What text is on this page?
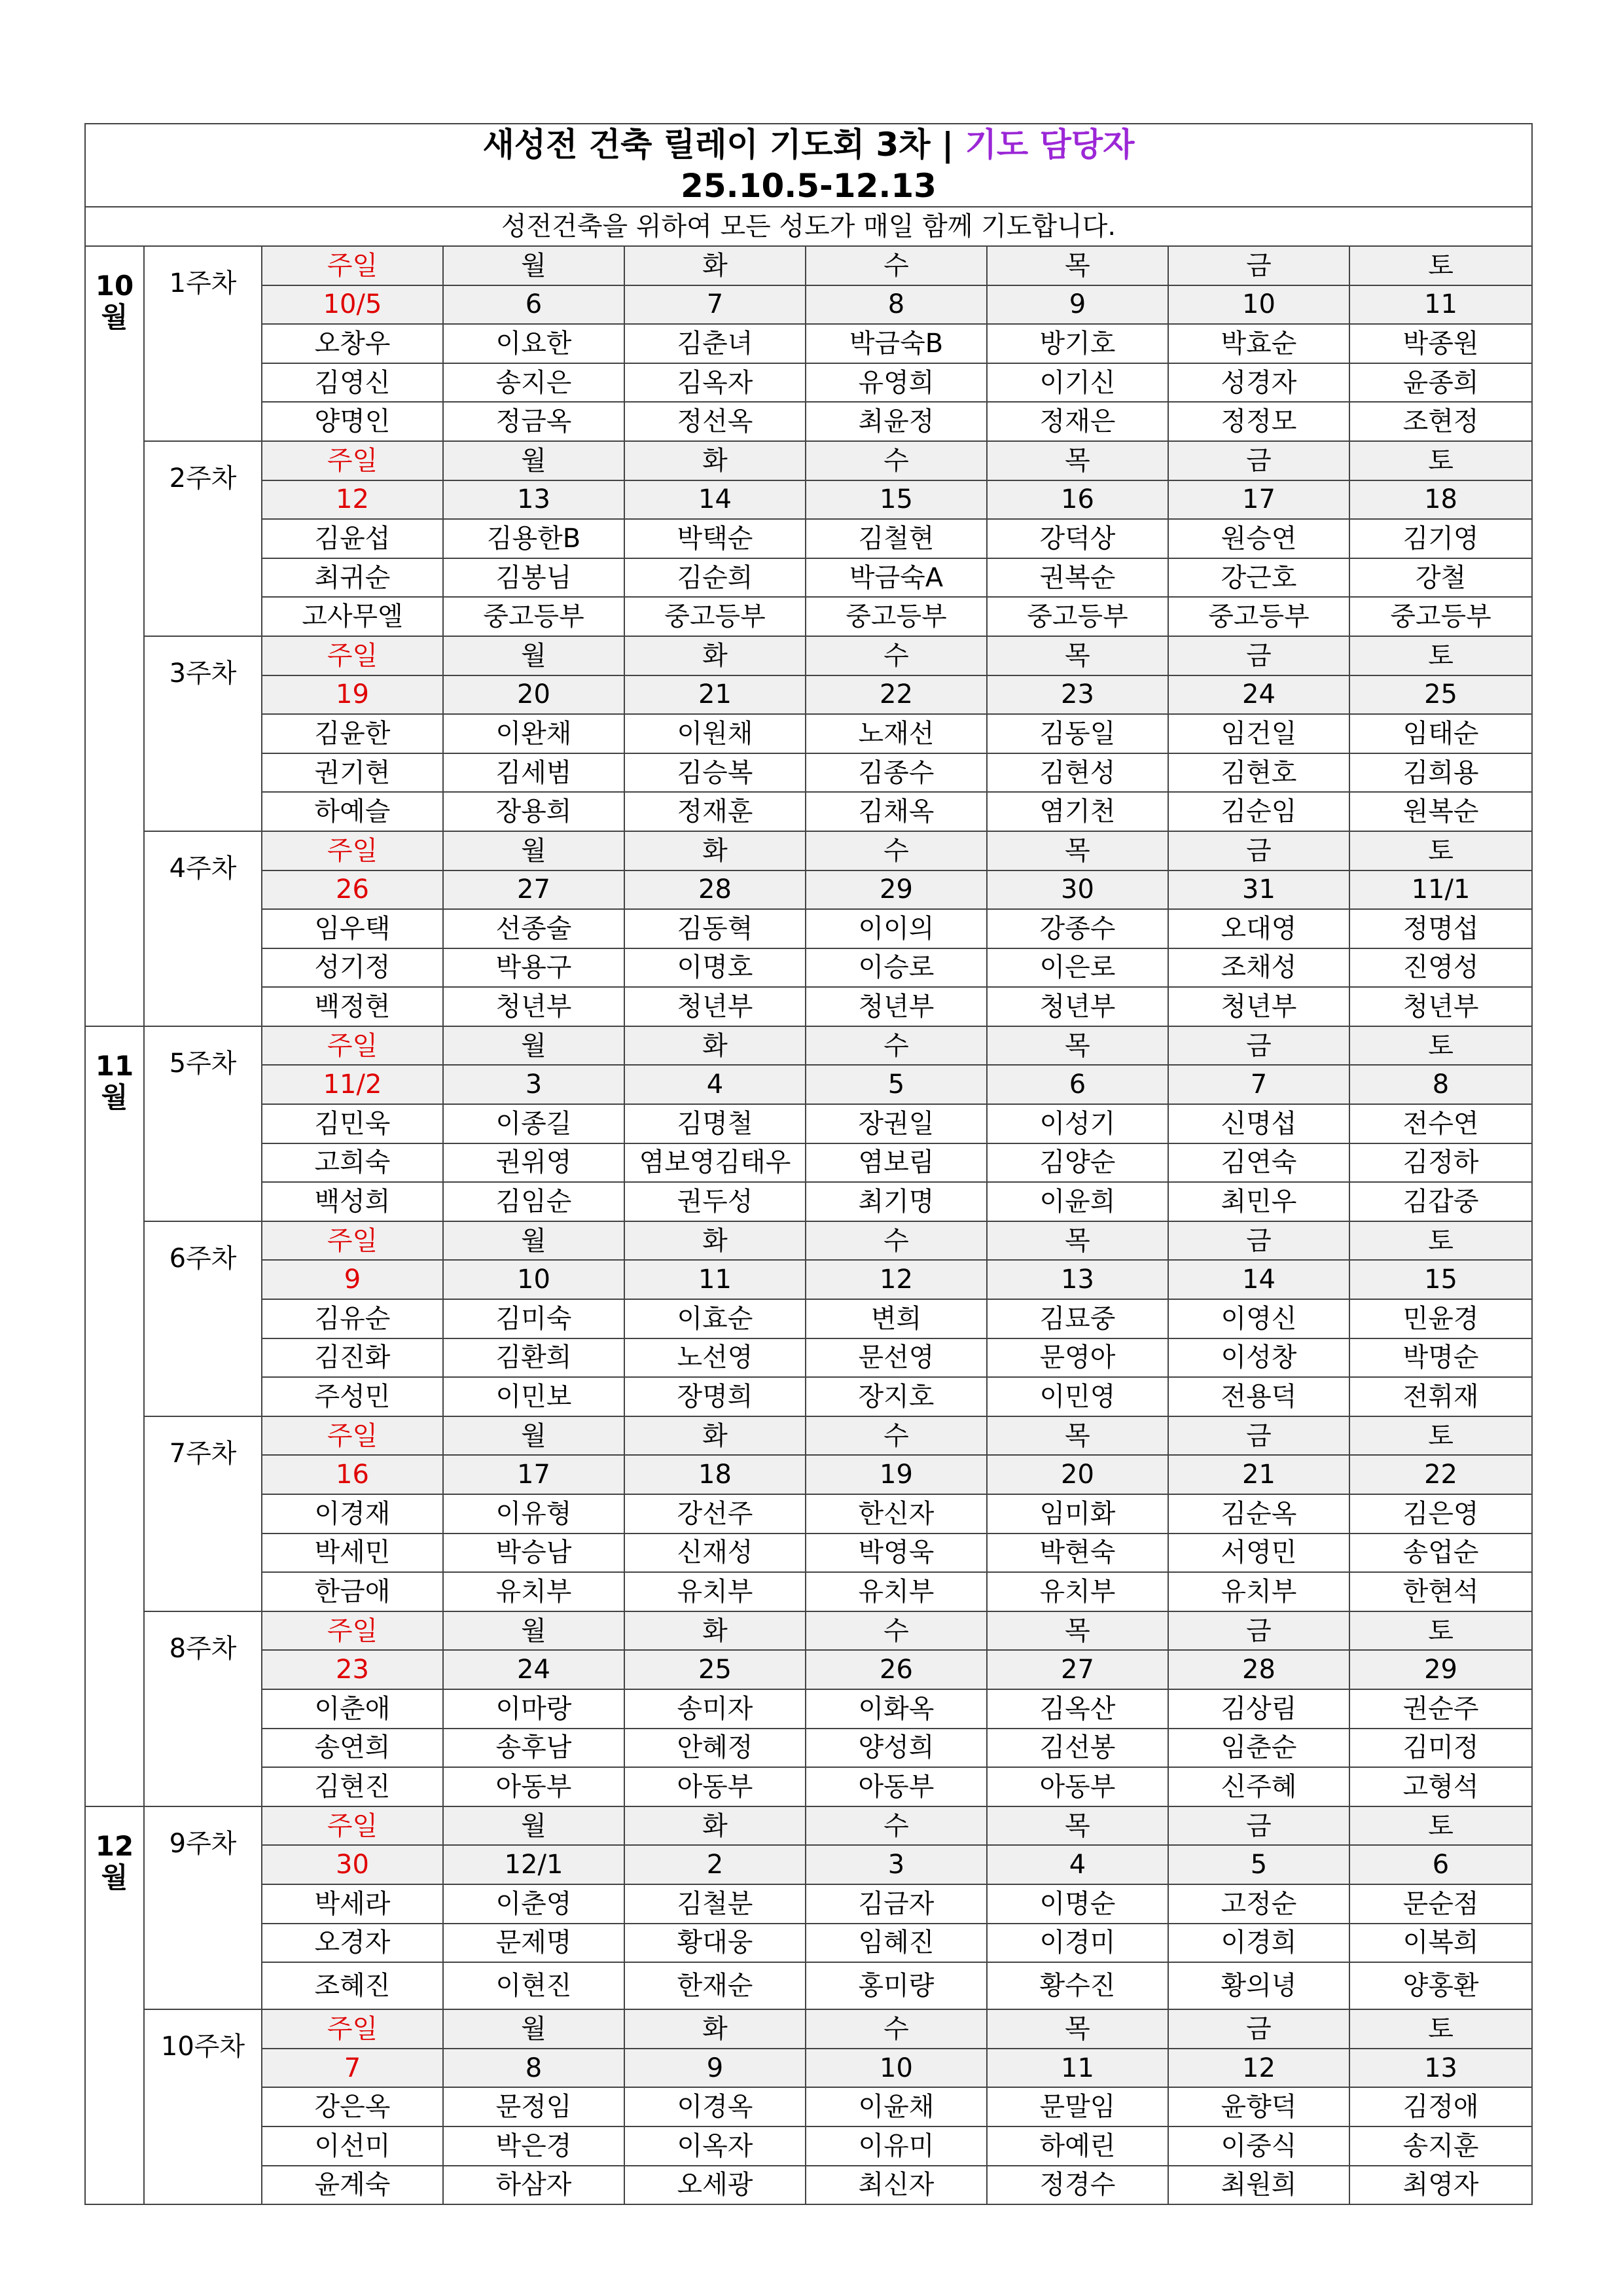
새성전 건축 릴레이 기도회 3차 | 기도 담당자
25.10.5-12.13								

성전건축을 위하여 모든 성도가 매일 함께 기도합니다.								

10
월	1주차	주일	월	화	수	목	금	토
		10/5	6	7	8	9	10	11
		오창우	이요한	김춘녀	박금숙B	방기호	박효순	박종원
		김영신	송지은	김옥자	유영희	이기신	성경자	윤종희
		양명인	정금옥	정선옥	최윤정	정재은	정정모	조현정
	2주차	주일	월	화	수	목	금	토
		12	13	14	15	16	17	18
		김윤섭	김용한B	박택순	김철현	강덕상	원승연	김기영
		최귀순	김봉님	김순희	박금숙A	권복순	강근호	강철
		고사무엘	중고등부	중고등부	중고등부	중고등부	중고등부	중고등부
	3주차	주일	월	화	수	목	금	토
		19	20	21	22	23	24	25
		김윤한	이완채	이원채	노재선	김동일	임건일	임태순
		권기현	김세범	김승복	김종수	김현성	김현호	김희용
		하예슬	장용희	정재훈	김채옥	염기천	김순임	원복순
	4주차	주일	월	화	수	목	금	토
		26	27	28	29	30	31	11/1
		임우택	선종술	김동혁	이이의	강종수	오대영	정명섭
		성기정	박용구	이명호	이승로	이은로	조채성	진영성
		백정현	청년부	청년부	청년부	청년부	청년부	청년부

11
월	5주차	주일	월	화	수	목	금	토
		11/2	3	4	5	6	7	8
		김민욱	이종길	김명철	장권일	이성기	신명섭	전수연
		고희숙	권위영	염보영김태우	염보림	김양순	김연숙	김정하
		백성희	김임순	권두성	최기명	이윤희	최민우	김갑중
	6주차	주일	월	화	수	목	금	토
		9	10	11	12	13	14	15
		김유순	김미숙	이효순	변희	김묘중	이영신	민윤경
		김진화	김환희	노선영	문선영	문영아	이성창	박명순
		주성민	이민보	장명희	장지호	이민영	전용덕	전휘재
	7주차	주일	월	화	수	목	금	토
		16	17	18	19	20	21	22
		이경재	이유형	강선주	한신자	임미화	김순옥	김은영
		박세민	박승남	신재성	박영욱	박현숙	서영민	송업순
		한금애	유치부	유치부	유치부	유치부	유치부	한현석
	8주차	주일	월	화	수	목	금	토
		23	24	25	26	27	28	29
		이춘애	이마랑	송미자	이화옥	김옥산	김상림	권순주
		송연희	송후남	안혜정	양성희	김선봉	임춘순	김미정
		김현진	아동부	아동부	아동부	아동부	신주혜	고형석

12
월	9주차	주일	월	화	수	목	금	토
		30	12/1	2	3	4	5	6
		박세라	이춘영	김철분	김금자	이명순	고정순	문순점
		오경자	문제명	황대웅	임혜진	이경미	이경희	이복희
		조혜진	이현진	한재순	홍미량	황수진	황의녕	양홍환
	10주차	주일	월	화	수	목	금	토
		7	8	9	10	11	12	13
		강은옥	문정임	이경옥	이윤채	문말임	윤향덕	김정애
		이선미	박은경	이옥자	이유미	하예린	이중식	송지훈
		윤계숙	하삼자	오세광	최신자	정경수	최원희	최영자
